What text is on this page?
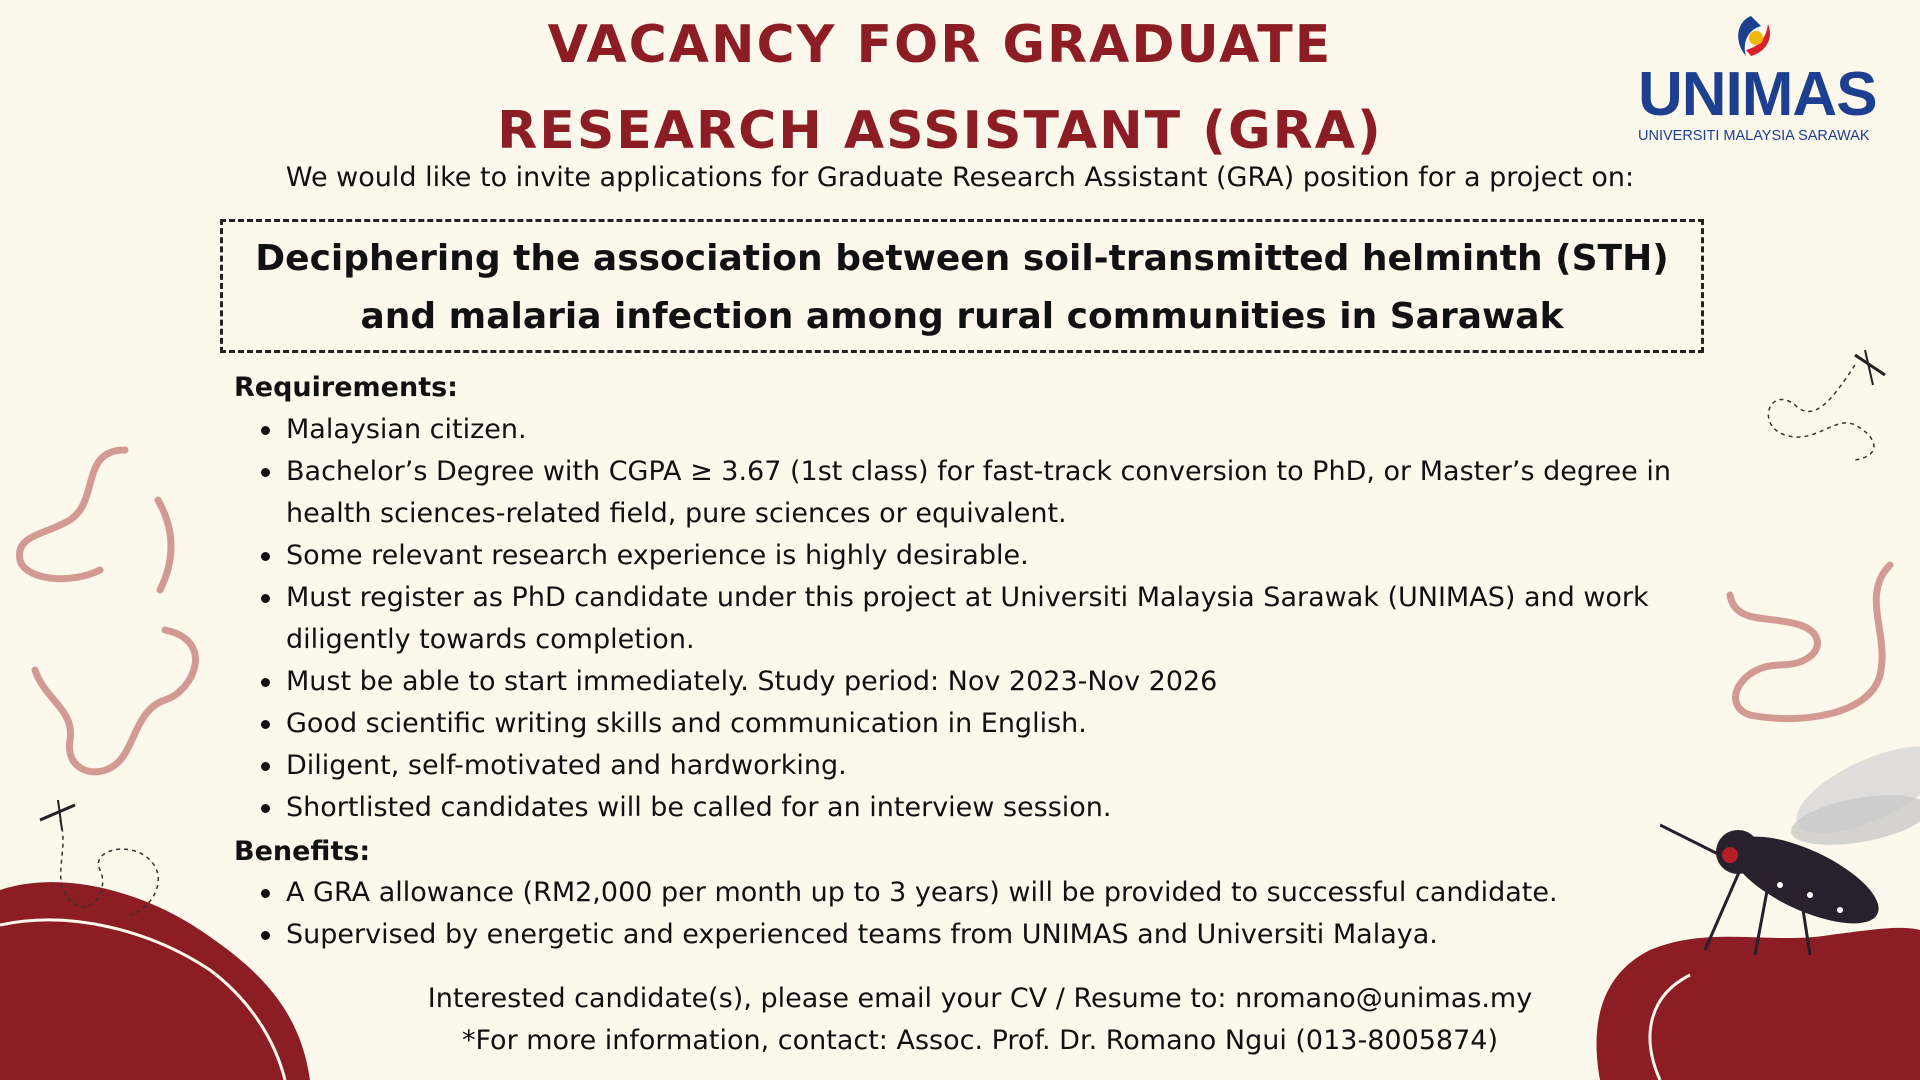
VACANCY FOR GRADUATE
RESEARCH ASSISTANT (GRA)
UNIMAS
UNIVERSITI MALAYSIA SARAWAK
We would like to invite applications for Graduate Research Assistant (GRA) position for a project on:
Deciphering the association between soil-transmitted helminth (STH)
and malaria infection among rural communities in Sarawak
Requirements:
Malaysian citizen.
Bachelor’s Degree with CGPA ≥ 3.67 (1st class) for fast-track conversion to PhD, or Master’s degree in health sciences-related field, pure sciences or equivalent.
Some relevant research experience is highly desirable.
Must register as PhD candidate under this project at Universiti Malaysia Sarawak (UNIMAS) and work diligently towards completion.
Must be able to start immediately. Study period: Nov 2023-Nov 2026
Good scientific writing skills and communication in English.
Diligent, self-motivated and hardworking.
Shortlisted candidates will be called for an interview session.
Benefits:
A GRA allowance (RM2,000 per month up to 3 years) will be provided to successful candidate.
Supervised by energetic and experienced teams from UNIMAS and Universiti Malaya.
Interested candidate(s), please email your CV / Resume to: nromano@unimas.my
*For more information, contact: Assoc. Prof. Dr. Romano Ngui (013-8005874)
